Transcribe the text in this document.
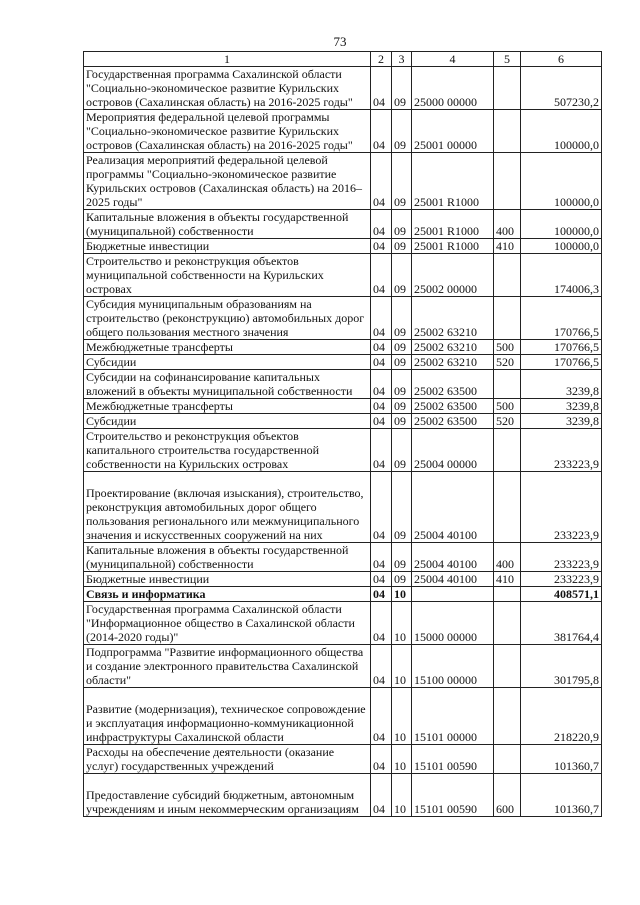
73
1	2	3	4	5	6
Государственная программа Сахалинской области "Социально-экономическое развитие Курильских островов (Сахалинская область) на 2016-2025 годы"	04	09	25000 00000		507230,2
Мероприятия федеральной целевой программы "Социально-экономическое развитие Курильских островов (Сахалинская область) на 2016-2025 годы"	04	09	25001 00000		100000,0
Реализация мероприятий федеральной целевой программы "Социально-экономическое развитие Курильских островов (Сахалинская область) на 2016–2025 годы"	04	09	25001 R1000		100000,0
Капитальные вложения в объекты государственной (муниципальной) собственности	04	09	25001 R1000	400	100000,0
Бюджетные инвестиции	04	09	25001 R1000	410	100000,0
Строительство и реконструкция объектов муниципальной собственности на Курильских островах	04	09	25002 00000		174006,3
Субсидия муниципальным образованиям на строительство (реконструкцию) автомобильных дорог общего пользования местного значения	04	09	25002 63210		170766,5
Межбюджетные трансферты	04	09	25002 63210	500	170766,5
Субсидии	04	09	25002 63210	520	170766,5
Субсидии на софинансирование капитальных вложений в объекты муниципальной собственности	04	09	25002 63500		3239,8
Межбюджетные трансферты	04	09	25002 63500	500	3239,8
Субсидии	04	09	25002 63500	520	3239,8
Строительство и реконструкция объектов капитального строительства государственной собственности на Курильских островах	04	09	25004 00000		233223,9
Проектирование (включая изыскания), строительство, реконструкция автомобильных дорог общего пользования регионального или межмуниципального значения и искусственных сооружений на них	04	09	25004 40100		233223,9
Капитальные вложения в объекты государственной (муниципальной) собственности	04	09	25004 40100	400	233223,9
Бюджетные инвестиции	04	09	25004 40100	410	233223,9
Связь и информатика	04	10			408571,1
Государственная программа Сахалинской области "Информационное общество в Сахалинской области (2014-2020 годы)"	04	10	15000 00000		381764,4
Подпрограмма "Развитие информационного общества и создание электронного правительства Сахалинской области"	04	10	15100 00000		301795,8
Развитие (модернизация), техническое сопровождение и эксплуатация информационно-коммуникационной инфраструктуры Сахалинской области	04	10	15101 00000		218220,9
Расходы на обеспечение деятельности (оказание услуг) государственных учреждений	04	10	15101 00590		101360,7
Предоставление субсидий бюджетным, автономным учреждениям и иным некоммерческим организациям	04	10	15101 00590	600	101360,7
